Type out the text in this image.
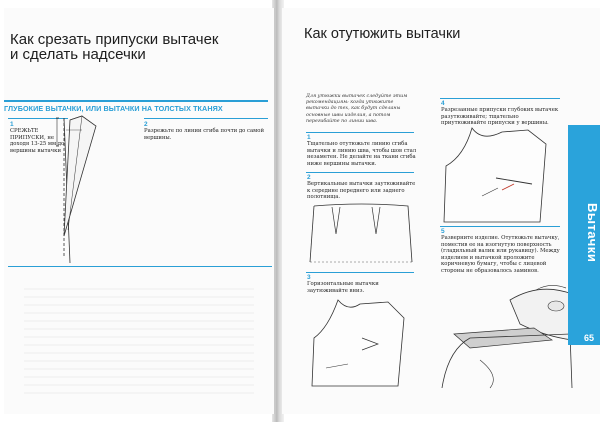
Как срезать припуски вытачек
и сделать надсечки
ГЛУБОКИЕ ВЫТАЧКИ, ИЛИ ВЫТАЧКИ НА ТОЛСТЫХ ТКАНЯХ
1
СРЕЖЬТЕ ПРИПУСКИ, не доходя 13-25 мм до вершины вытачки
2
Разрежьте по линии сгиба почти до самой вершины.
Как отутюжить вытачки
Для утюжки вытачек следуйте этим рекомендациям: когда утюжите вытачки до тех, как будут сделаны основные швы изделия, а потом перегибайте по линии шва.
1
Тщательно отутюжьте линию сгиба вытачки и линию шва, чтобы шов стал незаметен. Не делайте на ткани сгиба ниже вершины вытачки.
2
Вертикальные вытачки заутюживайте к середине переднего или заднего полотнища.
3
Горизонтальные вытачки заутюживайте вниз.
4
Разрезанные припуски глубоких вытачек разутюживайте; тщательно приутюживайте припуски у вершины.
5
Разверните изделие. Отутюжьте вытачку, поместив ее на изогнутую поверхность (гладильный валик или рукавицу). Между изделием и вытачкой проложите коричневую бумагу, чтобы с лицевой стороны не образовалось заминов.
Вытачки
65
